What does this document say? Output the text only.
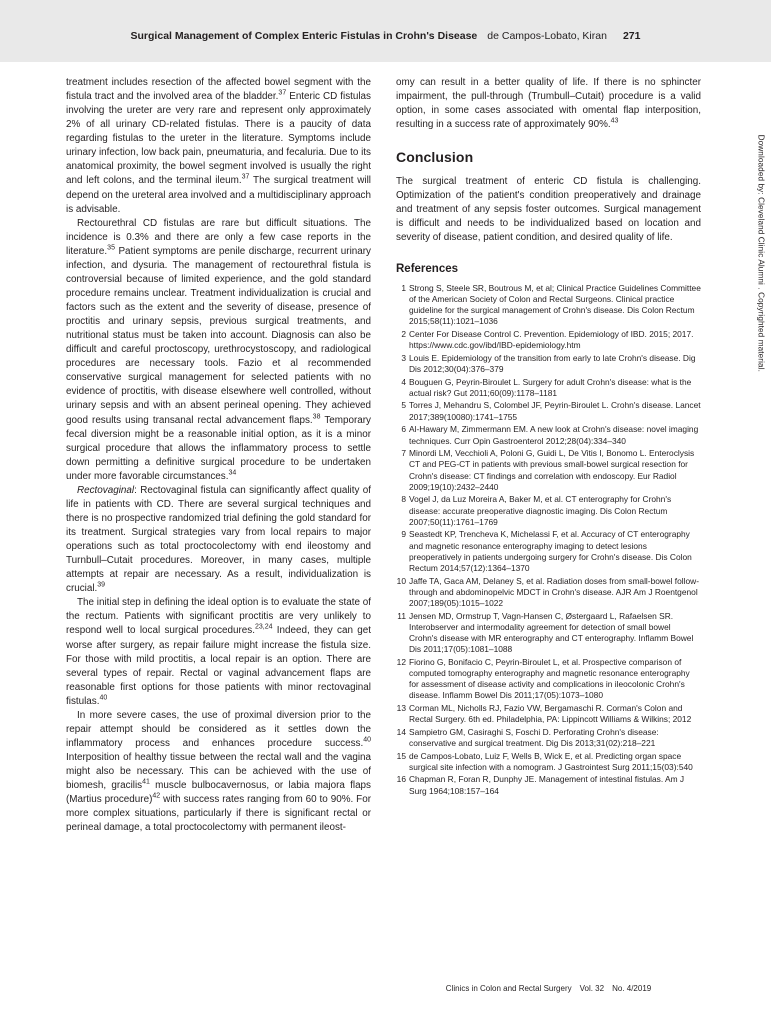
Surgical Management of Complex Enteric Fistulas in Crohn's Disease de Campos-Lobato, Kiran 271

treatment includes resection of the affected bowel segment with the fistula tract and the involved area of the bladder.$^{37}$ Enteric CD fistulas involving the ureter are very rare and represent only approximately 2% of all urinary CD-related fistulas. There is a paucity of data regarding fistulas to the ureter in the literature. Symptoms include urinary infection, low back pain, pneumaturia, and fecaluria. Due to its anatomical proximity, the bowel segment involved is usually the right and left colons, and the terminal ileum.$^{37}$ The surgical treatment will depend on the ureteral area involved and a multidisciplinary approach is advisable.

Rectourethral CD fistulas are rare but difficult situations. The incidence is 0.3% and there are only a few case reports in the literature.$^{35}$ Patient symptoms are penile discharge, recurrent urinary infection, and dysuria. The management of rectourethral fistula is controversial because of limited experience, and the gold standard procedure remains unclear. Treatment individualization is crucial and factors such as the extent and the severity of disease, presence of proctitis and urinary sepsis, previous surgical treatments, and nutritional status must be taken into account. Diagnosis can also be difficult and careful proctoscopy, urethrocystoscopy, and radiological procedures are necessary tools. Fazio et al recommended conservative surgical management for selected patients with no evidence of proctitis, with disease elsewhere well controlled, without urinary sepsis and with an absent perineal opening. They achieved good results using transanal rectal advancement flaps.$^{38}$ Temporary fecal diversion might be a reasonable initial option, as it is a minor surgical procedure that allows the inflammatory process to settle down permitting a definitive surgical procedure to be undertaken under more favorable circumstances.$^{34}$

Rectovaginal: Rectovaginal fistula can significantly affect quality of life in patients with CD. There are several surgical techniques and there is no prospective randomized trial defining the gold standard for its treatment. Surgical strategies vary from local repairs to major operations such as total proctocolectomy with end ileostomy and Turnbull–Cutait procedures. Moreover, in many cases, multiple attempts at repair are necessary. As a result, individualization is crucial.$^{39}$

The initial step in defining the ideal option is to evaluate the state of the rectum. Patients with significant proctitis are very unlikely to respond well to local surgical procedures.$^{23,24}$ Indeed, they can get worse after surgery, as repair failure might increase the fistula size. For those with mild proctitis, a local repair is an option. There are several types of repair. Rectal or vaginal advancement flaps are reasonable first options for those patients with minor rectovaginal fistulas.$^{40}$

In more severe cases, the use of proximal diversion prior to the repair attempt should be considered as it settles down the inflammatory process and enhances procedure success.$^{40}$ Interposition of healthy tissue between the rectal wall and the vagina might also be necessary. This can be achieved with the use of biomesh, gracilis$^{41}$ muscle bulbocavernosus, or labia majora flaps (Martius procedure)$^{42}$ with success rates ranging from 60 to 90%. For more complex situations, particularly if there is significant rectal or perineal damage, a total proctocolectomy with permanent ileost-

omy can result in a better quality of life. If there is no sphincter impairment, the pull-through (Trumbull–Cutait) procedure is a valid option, in some cases associated with omental flap interposition, resulting in a success rate of approximately 90%.$^{43}$

Conclusion

The surgical treatment of enteric CD fistula is challenging. Optimization of the patient's condition preoperatively and drainage and treatment of any sepsis foster outcomes. Surgical management is difficult and needs to be individualized based on location and severity of disease, patient condition, and desired quality of life.

References
1 Strong S, Steele SR, Boutrous M, et al; Clinical Practice Guidelines Committee of the American Society of Colon and Rectal Surgeons. Clinical practice guideline for the surgical management of Crohn's disease. Dis Colon Rectum 2015;58(11):1021–1036
2 Center For Disease Control C. Prevention. Epidemiology of IBD. 2015; 2017. https://www.cdc.gov/ibd/IBD-epidemiology.htm
3 Louis E. Epidemiology of the transition from early to late Crohn's disease. Dig Dis 2012;30(04):376–379
4 Bouguen G, Peyrin-Biroulet L. Surgery for adult Crohn's disease: what is the actual risk? Gut 2011;60(09):1178–1181
5 Torres J, Mehandru S, Colombel JF, Peyrin-Biroulet L. Crohn's disease. Lancet 2017;389(10080):1741–1755
6 Al-Hawary M, Zimmermann EM. A new look at Crohn's disease: novel imaging techniques. Curr Opin Gastroenterol 2012;28(04):334–340
7 Minordi LM, Vecchioli A, Poloni G, Guidi L, De Vitis I, Bonomo L. Enteroclysis CT and PEG-CT in patients with previous small-bowel surgical resection for Crohn's disease: CT findings and correlation with endoscopy. Eur Radiol 2009;19(10):2432–2440
8 Vogel J, da Luz Moreira A, Baker M, et al. CT enterography for Crohn's disease: accurate preoperative diagnostic imaging. Dis Colon Rectum 2007;50(11):1761–1769
9 Seastedt KP, Trencheva K, Michelassi F, et al. Accuracy of CT enterography and magnetic resonance enterography imaging to detect lesions preoperatively in patients undergoing surgery for Crohn's disease. Dis Colon Rectum 2014;57(12):1364–1370
10 Jaffe TA, Gaca AM, Delaney S, et al. Radiation doses from small-bowel follow-through and abdominopelvic MDCT in Crohn's disease. AJR Am J Roentgenol 2007;189(05):1015–1022
11 Jensen MD, Ormstrup T, Vagn-Hansen C, Østergaard L, Rafaelsen SR. Interobserver and intermodality agreement for detection of small bowel Crohn's disease with MR enterography and CT enterography. Inflamm Bowel Dis 2011;17(05):1081–1088
12 Fiorino G, Bonifacio C, Peyrin-Biroulet L, et al. Prospective comparison of computed tomography enterography and magnetic resonance enterography for assessment of disease activity and complications in ileocolonic Crohn's disease. Inflamm Bowel Dis 2011;17(05):1073–1080
13 Corman ML, Nicholls RJ, Fazio VW, Bergamaschi R. Corman's Colon and Rectal Surgery. 6th ed. Philadelphia, PA: Lippincott Williams & Wilkins; 2012
14 Sampietro GM, Casiraghi S, Foschi D. Perforating Crohn's disease: conservative and surgical treatment. Dig Dis 2013;31(02):218–221
15 de Campos-Lobato, Luiz F, Wells B, Wick E, et al. Predicting organ space surgical site infection with a nomogram. J Gastrointest Surg 2011;15(03):540
16 Chapman R, Foran R, Dunphy JE. Management of intestinal fistulas. Am J Surg 1964;108:157–164
Downloaded by: Cleveland Clinic Alumni . Copyrighted material.
Clinics in Colon and Rectal Surgery Vol. 32 No. 4/2019
